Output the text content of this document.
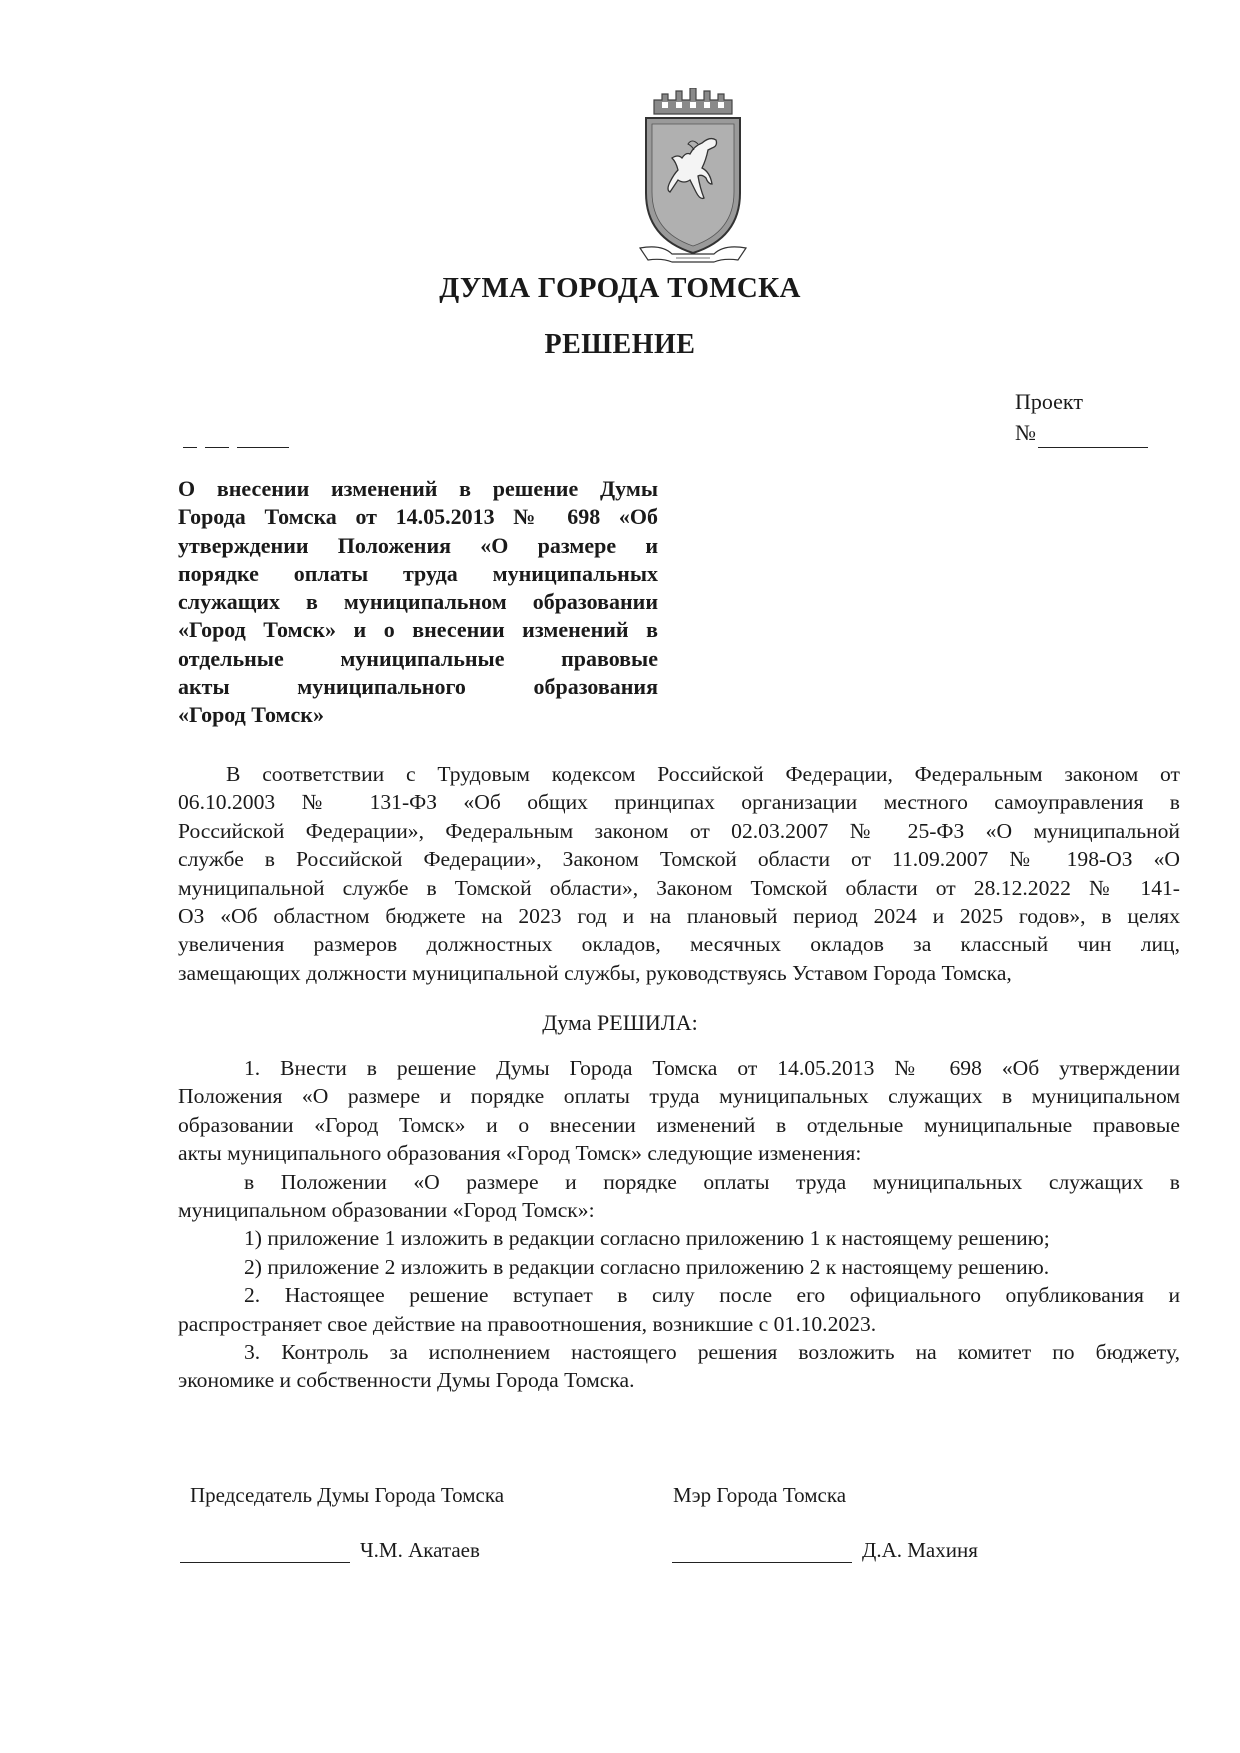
ДУМА ГОРОДА ТОМСКА
РЕШЕНИЕ
Проект
№
О внесении изменений в решение Думы
Города Томска от 14.05.2013 № 698 «Об
утверждении Положения «О размере и
порядке оплаты труда муниципальных
служащих в муниципальном образовании
«Город Томск» и о внесении изменений в
отдельные муниципальные правовые
акты муниципального образования
«Город Томск»
В соответствии с Трудовым кодексом Российской Федерации, Федеральным законом от
06.10.2003 № 131-ФЗ «Об общих принципах организации местного самоуправления в
Российской Федерации», Федеральным законом от 02.03.2007 № 25-ФЗ «О муниципальной
службе в Российской Федерации», Законом Томской области от 11.09.2007 № 198-ОЗ «О
муниципальной службе в Томской области», Законом Томской области от 28.12.2022 № 141-
ОЗ «Об областном бюджете на 2023 год и на плановый период 2024 и 2025 годов», в целях
увеличения размеров должностных окладов, месячных окладов за классный чин лиц,
замещающих должности муниципальной службы, руководствуясь Уставом Города Томска,
Дума РЕШИЛА:
1. Внести в решение Думы Города Томска от 14.05.2013 № 698 «Об утверждении
Положения «О размере и порядке оплаты труда муниципальных служащих в муниципальном
образовании «Город Томск» и о внесении изменений в отдельные муниципальные правовые
акты муниципального образования «Город Томск» следующие изменения:
в Положении «О размере и порядке оплаты труда муниципальных служащих в
муниципальном образовании «Город Томск»:
1) приложение 1 изложить в редакции согласно приложению 1 к настоящему решению;
2) приложение 2 изложить в редакции согласно приложению 2 к настоящему решению.
2. Настоящее решение вступает в силу после его официального опубликования и
распространяет свое действие на правоотношения, возникшие с 01.10.2023.
3. Контроль за исполнением настоящего решения возложить на комитет по бюджету,
экономике и собственности Думы Города Томска.
Председатель Думы Города Томска	Мэр Города Томска
Ч.М. Акатаев	Д.А. Махиня
